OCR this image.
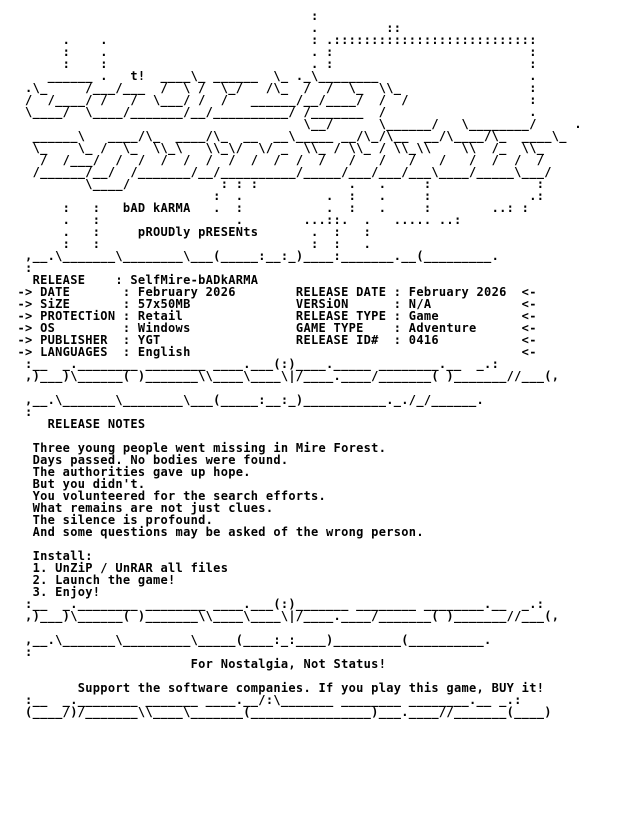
:
.         ::
.    .                           : .:::::::::::::::::::::::::::
:    .                           . :                          :
:    :                           . :                          :
______ .   t!  ____\_ ______  \_ ._\________                    .
.\_     /___/___  /  \ /  \_/   /\_  /  /  \_  \\_                 :
/  /____/ /   /  \___/ /  /   ______/__/____/  /  /                :
\____/  \____/_______/__/__________/ /_______  /                   .
\__/      \______/   \________/     .
______\   ____/\_  ____/\_  __  __\_____ __/\_/\__  __/\____/\_  ____\_
\_    \_ /  \_  \\_\   \\_\/  \/ _  \\_ / \\_ / \\_\\    \\  /_  \\_
/  /___/  /  /  /  /  /  /  /  /  /  /   /   /   /   /   /  /  /  /
/______/__/  /_______/__/__________/_____/___/___/___\____/_____\___/
\____/            : : :            .   .     :              :
:  .           .  :   .     :             .:
:   :   bAD kARMA   .  :           .  :   .     :        ..: :
.   :                  .        ...::.  .   ..... ..:
.   :     pROUDly pRESENts       .  :   :
:   :                            :  :   .
,__.\_______\________\___(_____:__:_)____:_______.__(_________.
:
RELEASE    : SelfMire-bADkARMA
-> DATE       : February 2026        RELEASE DATE : February 2026  <-
-> SiZE       : 57x50MB              VERSiON      : N/A            <-
-> PROTECTiON : Retail               RELEASE TYPE : Game           <-
-> OS         : Windows              GAME TYPE    : Adventure      <-
-> PUBLISHER  : YGT                  RELEASE ID#  : 0416           <-
-> LANGUAGES  : English                                            <-
:__  _.________ ________ ____.___(:)____._____ ________.__  _.:
,)___)\______( )_______\\____\____\|/____.____/_______( )_______//___(,

,__.\_______\________\___(_____:__:_)___________._./_/______.
:
RELEASE NOTES

Three young people went missing in Mire Forest.
Days passed. No bodies were found.
The authorities gave up hope.
But you didn't.
You volunteered for the search efforts.
What remains are not just clues.
The silence is profound.
And some questions may be asked of the wrong person.

Install:
1. UnZiP / UnRAR all files
2. Launch the game!
3. Enjoy!
:__  _.________ ________ ____.___(:)_______ ________ ________.__  _.:
,)___)\______( )_______\\____\____\|/____.____/_______( )_______//___(,

,__.\_______\_________\_____(____:_:____)_________(__________.
:
For Nostalgia, Not Status!

Support the software companies. If you play this game, BUY it!
:__  _.________ _______ ____.__/:\_______ ________ ________.__ _.:
(____/)/_______\\____\_______(________________)___.____//_______(____)
